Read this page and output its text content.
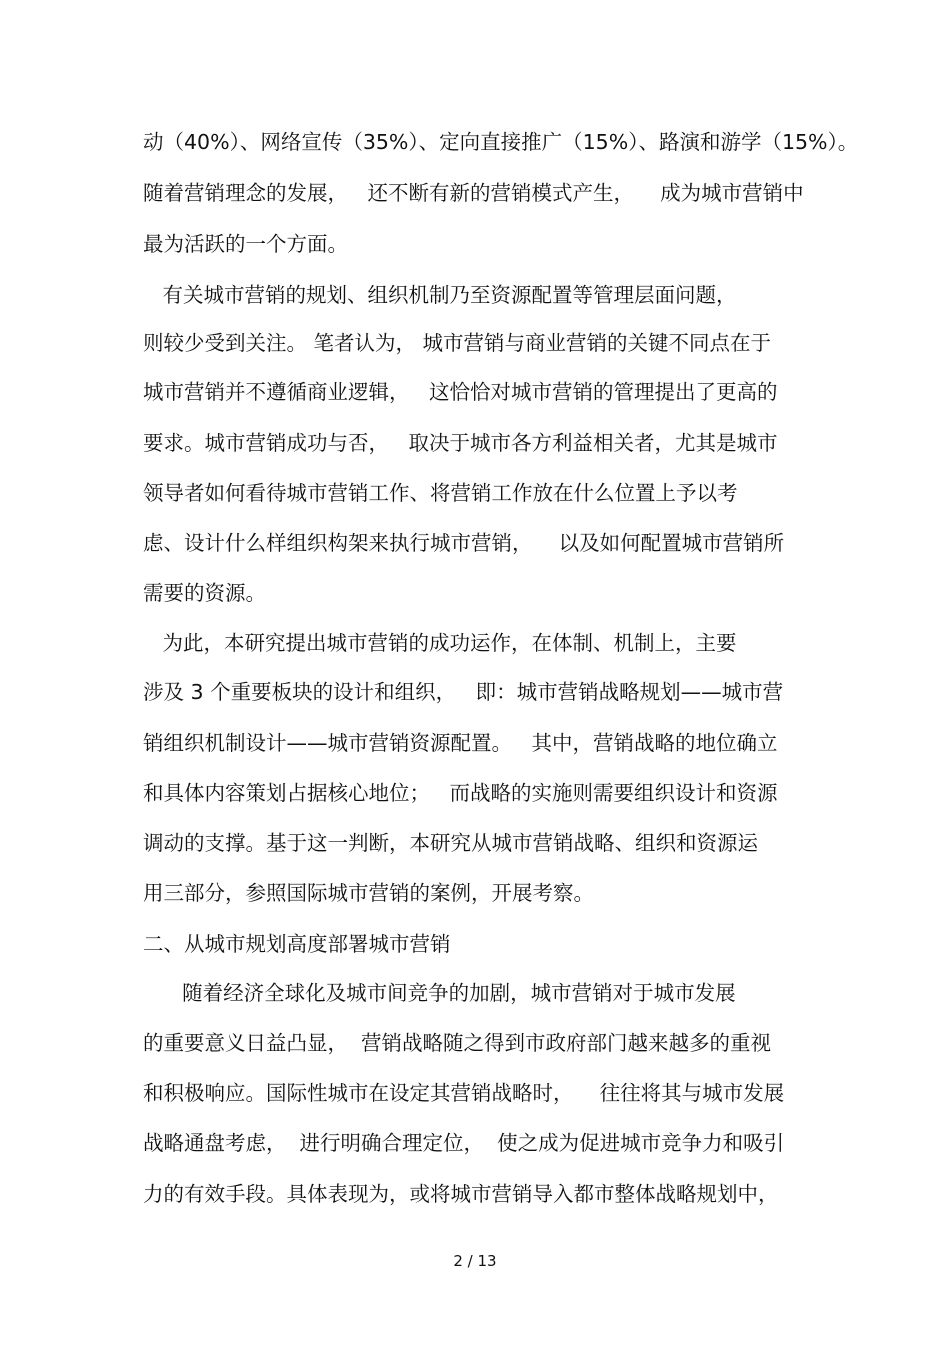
动（40%）、网络宣传（35%）、定向直接推广（15%）、路演和游学（15%）。
随着营销理念的发展，   还不断有新的营销模式产生，    成为城市营销中
最为活跃的一个方面。
有关城市营销的规划、组织机制乃至资源配置等管理层面问题，
则较少受到关注。 笔者认为， 城市营销与商业营销的关键不同点在于
城市营销并不遵循商业逻辑，   这恰恰对城市营销的管理提出了更高的
要求。城市营销成功与否，   取决于城市各方利益相关者，尤其是城市
领导者如何看待城市营销工作、将营销工作放在什么位置上予以考
虑、设计什么样组织构架来执行城市营销，    以及如何配置城市营销所
需要的资源。
为此，本研究提出城市营销的成功运作，在体制、机制上，主要
涉及 3 个重要板块的设计和组织，   即：城市营销战略规划——城市营
销组织机制设计——城市营销资源配置。   其中，营销战略的地位确立
和具体内容策划占据核心地位；   而战略的实施则需要组织设计和资源
调动的支撑。基于这一判断，本研究从城市营销战略、组织和资源运
用三部分，参照国际城市营销的案例，开展考察。
二、从城市规划高度部署城市营销
随着经济全球化及城市间竞争的加剧，城市营销对于城市发展
的重要意义日益凸显，  营销战略随之得到市政府部门越来越多的重视
和积极响应。国际性城市在设定其营销战略时，    往往将其与城市发展
战略通盘考虑，  进行明确合理定位，  使之成为促进城市竞争力和吸引
力的有效手段。具体表现为，或将城市营销导入都市整体战略规划中，
2 / 13
